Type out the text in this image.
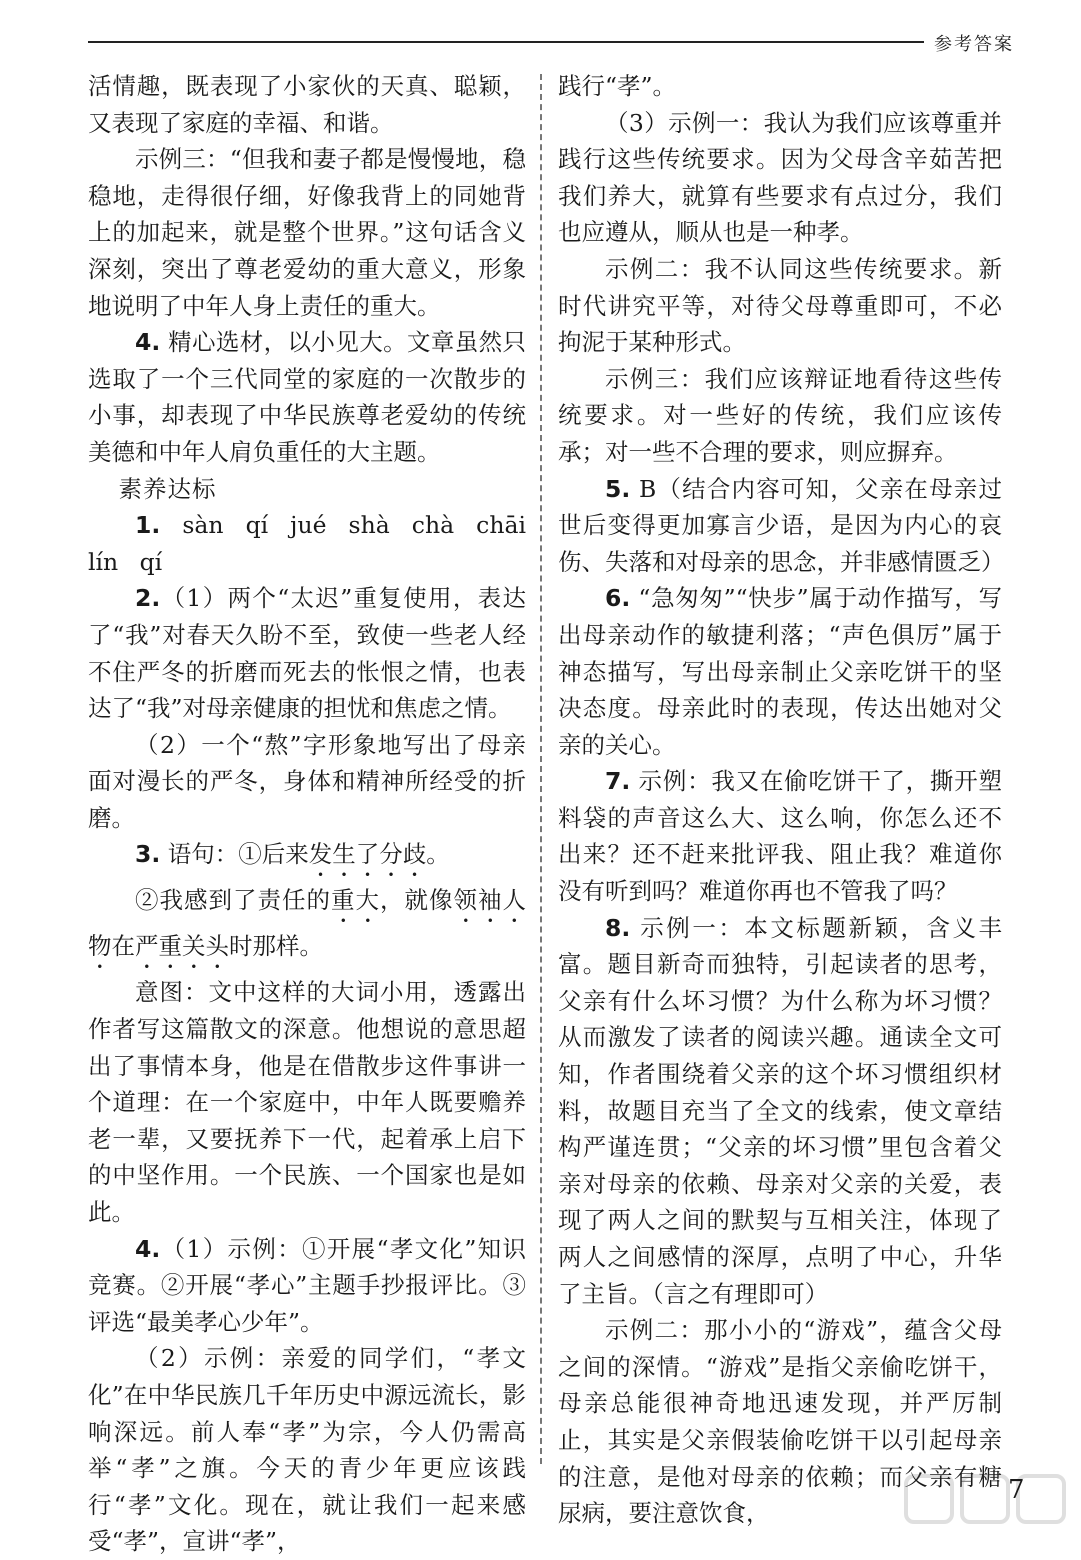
参考答案

活情趣，既表现了小家伙的天真、聪颖，又表现了家庭的幸福、和谐。

示例三：“但我和妻子都是慢慢地，稳稳地，走得很仔细，好像我背上的同她背上的加起来，就是整个世界。”这句话含义深刻，突出了尊老爱幼的重大意义，形象地说明了中年人身上责任的重大。

4. 精心选材，以小见大。文章虽然只选取了一个三代同堂的家庭的一次散步的小事，却表现了中华民族尊老爱幼的传统美德和中年人肩负重任的大主题。

素养达标

1. sàn qí jué shà chà chāi lín qí

2.（1）两个“太迟”重复使用，表达了“我”对春天久盼不至，致使一些老人经不住严冬的折磨而死去的怅恨之情，也表达了“我”对母亲健康的担忧和焦虑之情。

（2）一个“熬”字形象地写出了母亲面对漫长的严冬，身体和精神所经受的折磨。

3. 语句：①后来发生了分歧。

②我感到了责任的重大，就像领袖人物在严重关头时那样。

意图：文中这样的大词小用，透露出作者写这篇散文的深意。他想说的意思超出了事情本身，他是在借散步这件事讲一个道理：在一个家庭中，中年人既要赡养老一辈，又要抚养下一代，起着承上启下的中坚作用。一个民族、一个国家也是如此。

4.（1）示例：①开展“孝文化”知识竞赛。②开展“孝心”主题手抄报评比。③评选“最美孝心少年”。

（2）示例：亲爱的同学们，“孝文化”在中华民族几千年历史中源远流长，影响深远。前人奉“孝”为宗，今人仍需高举“孝”之旗。今天的青少年更应该践行“孝”文化。现在，就让我们一起来感受“孝”，宣讲“孝”，

践行“孝”。

（3）示例一：我认为我们应该尊重并践行这些传统要求。因为父母含辛茹苦把我们养大，就算有些要求有点过分，我们也应遵从，顺从也是一种孝。

示例二：我不认同这些传统要求。新时代讲究平等，对待父母尊重即可，不必拘泥于某种形式。

示例三：我们应该辩证地看待这些传统要求。对一些好的传统，我们应该传承；对一些不合理的要求，则应摒弃。

5. B（结合内容可知，父亲在母亲过世后变得更加寡言少语，是因为内心的哀伤、失落和对母亲的思念，并非感情匮乏）

6. “急匆匆”“快步”属于动作描写，写出母亲动作的敏捷利落；“声色俱厉”属于神态描写，写出母亲制止父亲吃饼干的坚决态度。母亲此时的表现，传达出她对父亲的关心。

7. 示例：我又在偷吃饼干了，撕开塑料袋的声音这么大、这么响，你怎么还不出来？还不赶来批评我、阻止我？难道你没有听到吗？难道你再也不管我了吗？

8. 示例一：本文标题新颖，含义丰富。题目新奇而独特，引起读者的思考，父亲有什么坏习惯？为什么称为坏习惯？从而激发了读者的阅读兴趣。通读全文可知，作者围绕着父亲的这个坏习惯组织材料，故题目充当了全文的线索，使文章结构严谨连贯；“父亲的坏习惯”里包含着父亲对母亲的依赖、母亲对父亲的关爱，表现了两人之间的默契与互相关注，体现了两人之间感情的深厚，点明了中心，升华了主旨。（言之有理即可）

示例二：那小小的“游戏”，蕴含父母之间的深情。“游戏”是指父亲偷吃饼干，母亲总能很神奇地迅速发现，并严厉制止，其实是父亲假装偷吃饼干以引起母亲的注意，是他对母亲的依赖；而父亲有糖尿病，要注意饮食，

7
